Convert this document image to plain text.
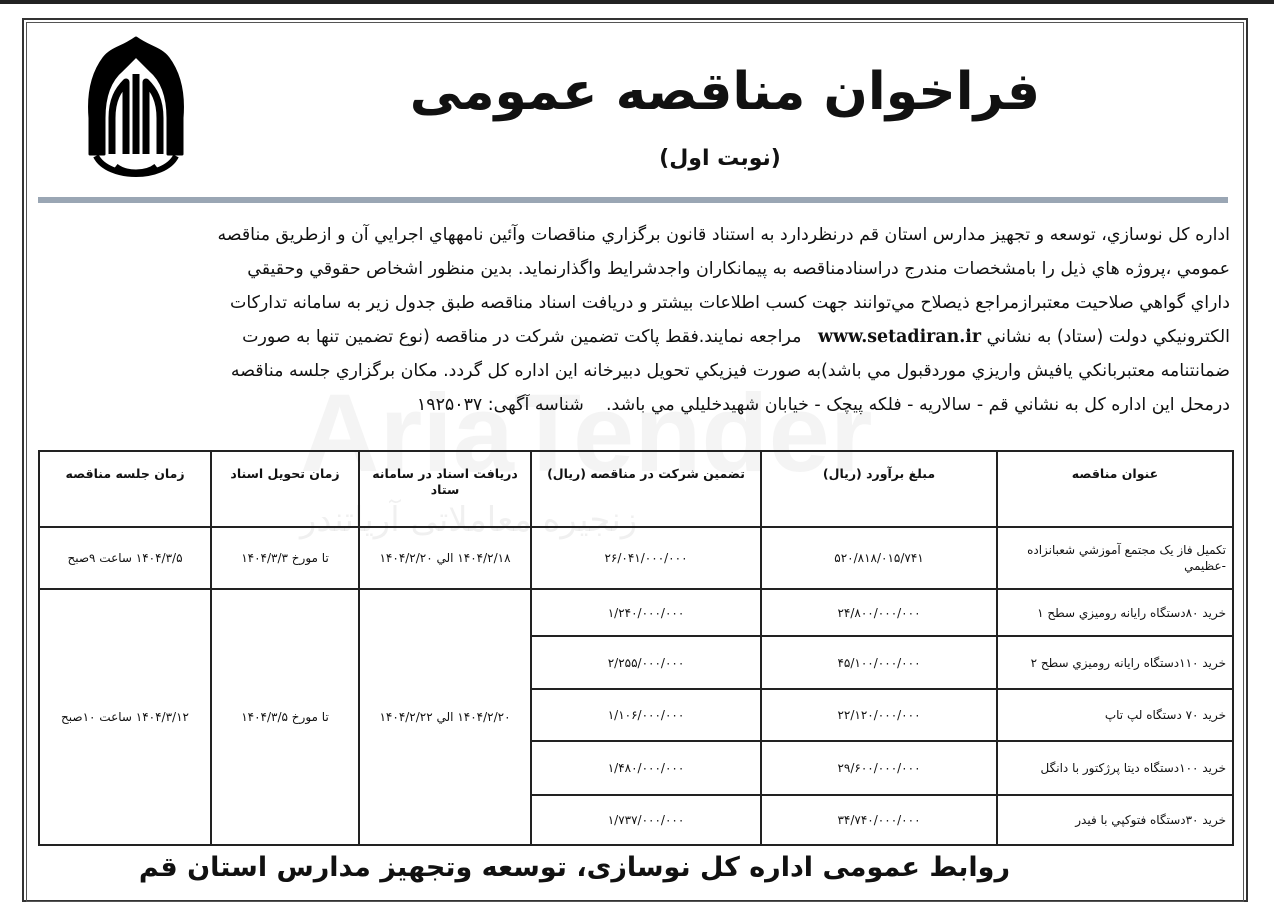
زنجیره معاملاتی آریاتندر
فراخوان مناقصه عمومی
(نوبت اول)

اداره کل نوسازي، توسعه و تجهيز مدارس استان قم درنظردارد به استناد قانون برگزاري مناقصات وآئين نامههاي اجرايي آن و ازطريق مناقصه

عمومي ،پروژه هاي ذيل را بامشخصات مندرج دراسنادمناقصه به پيمانكاران واجدشرايط واگذارنمايد. بدين منظور اشخاص حقوقي وحقيقي

داراي گواهي صلاحيت معتبرازمراجع ذيصلاح مي‌توانند جهت كسب اطلاعات بيشتر و دريافت اسناد مناقصه طبق جدول زير به سامانه تداركات

الكترونيكي دولت (ستاد) به نشاني www.setadiran.ir   مراجعه نمايند.فقط پاكت تضمين شركت در مناقصه (نوع تضمين تنها به صورت

ضمانتنامه معتبربانكي يافيش واريزي موردقبول مي باشد)به صورت فيزيكي تحويل دبيرخانه اين اداره كل گردد. مكان برگزاري جلسه مناقصه

درمحل اين اداره كل به نشاني قم - سالاريه - فلكه پيچک - خيابان شهيدخليلي مي باشد.    شناسه آگهی: ۱۹۲۵۰۳۷

عنوان مناقصه	مبلغ برآورد (ريال)	تضمين شركت در مناقصه (ريال)	دريافت اسناد در سامانه ستاد	زمان تحويل اسناد	زمان جلسه مناقصه
تكميل فاز یک مجتمع آموزشي شعبانزاده -عظيمي	۵۲۰/۸۱۸/۰۱۵/۷۴۱	۲۶/۰۴۱/۰۰۰/۰۰۰	۱۴۰۴/۲/۱۸ الي ۱۴۰۴/۲/۲۰	تا مورخ ۱۴۰۴/۳/۳	۱۴۰۴/۳/۵ ساعت ۹صبح
خريد ۸۰دستگاه رايانه روميزي سطح ۱	۲۴/۸۰۰/۰۰۰/۰۰۰	۱/۲۴۰/۰۰۰/۰۰۰	۱۴۰۴/۲/۲۰ الي ۱۴۰۴/۲/۲۲	تا مورخ ۱۴۰۴/۳/۵	۱۴۰۴/۳/۱۲ ساعت ۱۰صبح
خريد ۱۱۰دستگاه رايانه روميزي سطح ۲	۴۵/۱۰۰/۰۰۰/۰۰۰	۲/۲۵۵/۰۰۰/۰۰۰			
خريد ۷۰ دستگاه لپ تاپ	۲۲/۱۲۰/۰۰۰/۰۰۰	۱/۱۰۶/۰۰۰/۰۰۰			
خريد ۱۰۰دستگاه ديتا پرژكتور با دانگل	۲۹/۶۰۰/۰۰۰/۰۰۰	۱/۴۸۰/۰۰۰/۰۰۰			
خريد ۳۰دستگاه فتوكپي با فيدر	۳۴/۷۴۰/۰۰۰/۰۰۰	۱/۷۳۷/۰۰۰/۰۰۰			
روابط عمومی اداره کل نوسازی، توسعه وتجهیز مدارس استان قم
